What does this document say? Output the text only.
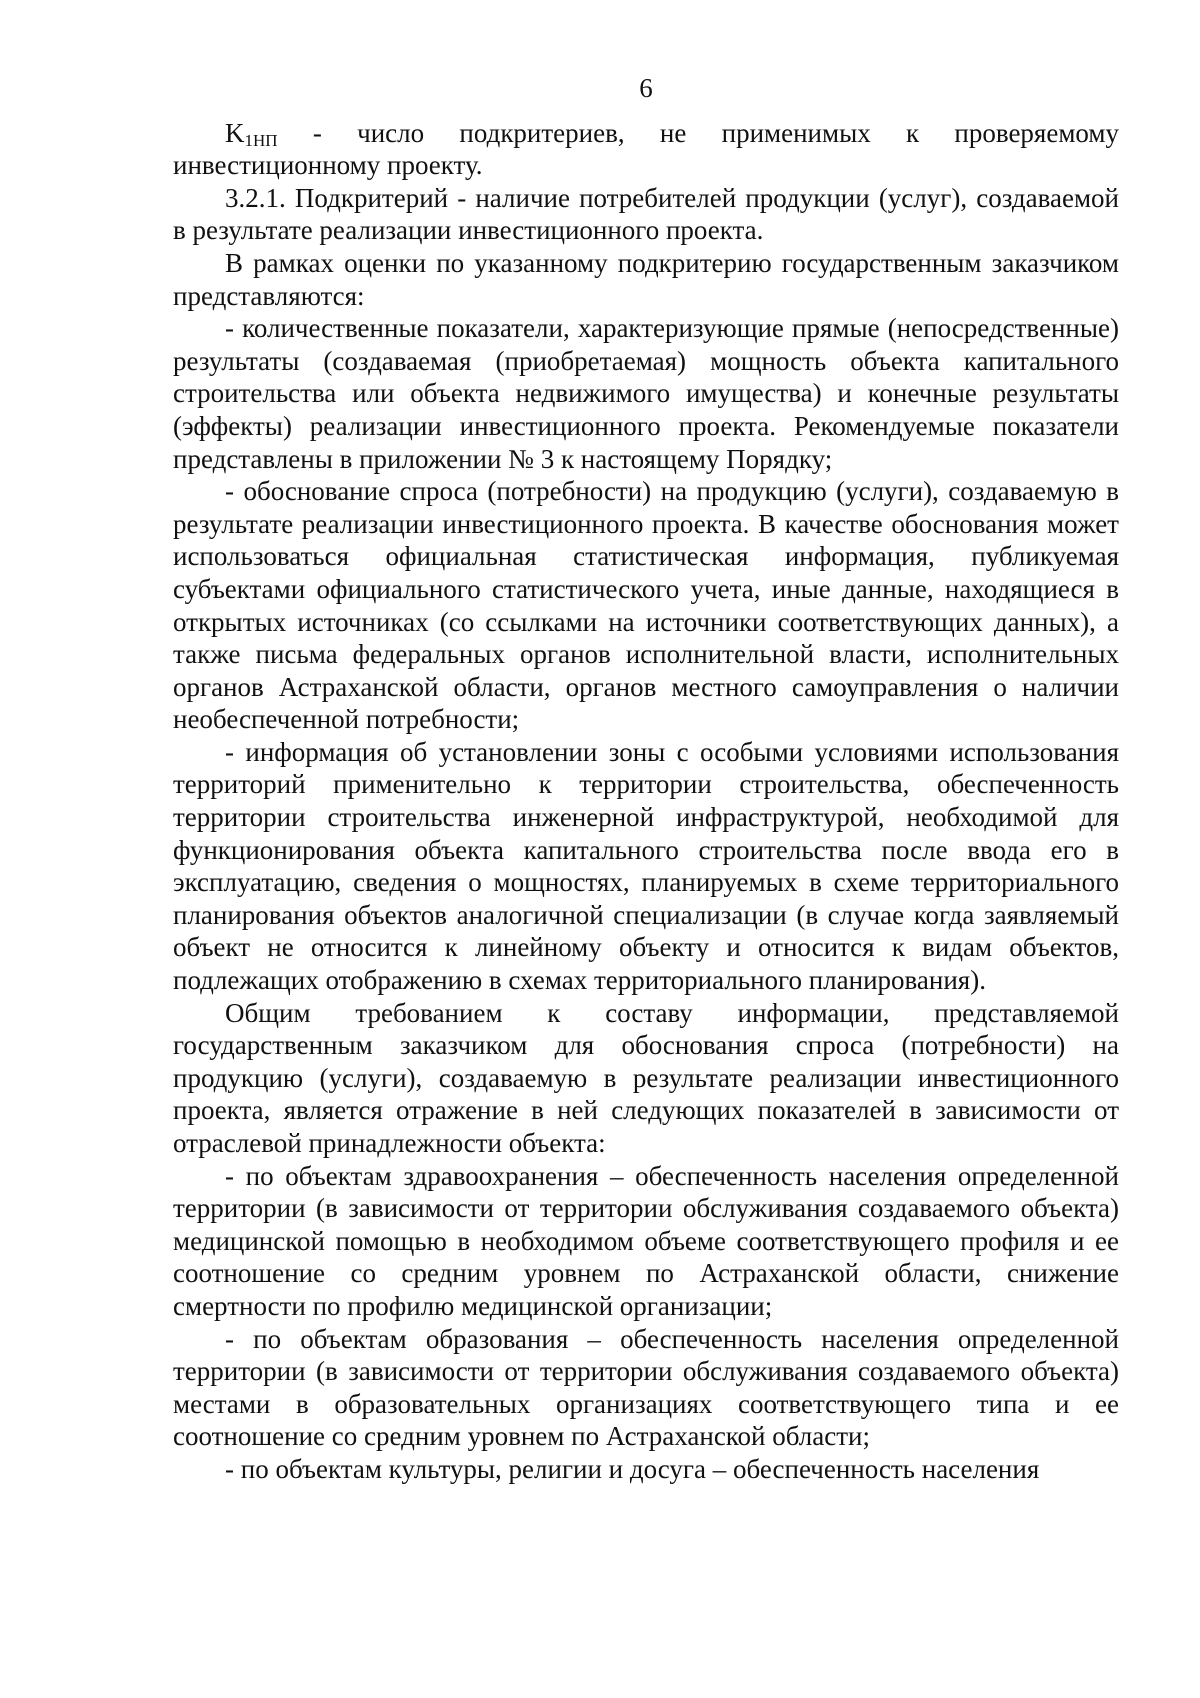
6

$K_{1НП}$ - число подкритериев, не применимых к проверяемому инвестиционному проекту.

3.2.1. Подкритерий - наличие потребителей продукции (услуг), создаваемой в результате реализации инвестиционного проекта.

В рамках оценки по указанному подкритерию государственным заказчиком представляются:

- количественные показатели, характеризующие прямые (непосредственные) результаты (создаваемая (приобретаемая) мощность объекта капитального строительства или объекта недвижимого имущества) и конечные результаты (эффекты) реализации инвестиционного проекта. Рекомендуемые показатели представлены в приложении № 3 к настоящему Порядку;

- обоснование спроса (потребности) на продукцию (услуги), создаваемую в результате реализации инвестиционного проекта. В качестве обоснования может использоваться официальная статистическая информация, публикуемая субъектами официального статистического учета, иные данные, находящиеся в открытых источниках (со ссылками на источники соответствующих данных), а также письма федеральных органов исполнительной власти, исполнительных органов Астраханской области, органов местного самоуправления о наличии необеспеченной потребности;

- информация об установлении зоны с особыми условиями использования территорий применительно к территории строительства, обеспеченность территории строительства инженерной инфраструктурой, необходимой для функционирования объекта капитального строительства после ввода его в эксплуатацию, сведения о мощностях, планируемых в схеме территориального планирования объектов аналогичной специализации (в случае когда заявляемый объект не относится к линейному объекту и относится к видам объектов, подлежащих отображению в схемах территориального планирования).

Общим требованием к составу информации, представляемой государственным заказчиком для обоснования спроса (потребности) на продукцию (услуги), создаваемую в результате реализации инвестиционного проекта, является отражение в ней следующих показателей в зависимости от отраслевой принадлежности объекта:

- по объектам здравоохранения – обеспеченность населения определенной территории (в зависимости от территории обслуживания создаваемого объекта) медицинской помощью в необходимом объеме соответствующего профиля и ее соотношение со средним уровнем по Астраханской области, снижение смертности по профилю медицинской организации;

- по объектам образования – обеспеченность населения определенной территории (в зависимости от территории обслуживания создаваемого объекта) местами в образовательных организациях соответствующего типа и ее соотношение со средним уровнем по Астраханской области;

- по объектам культуры, религии и досуга – обеспеченность населения
